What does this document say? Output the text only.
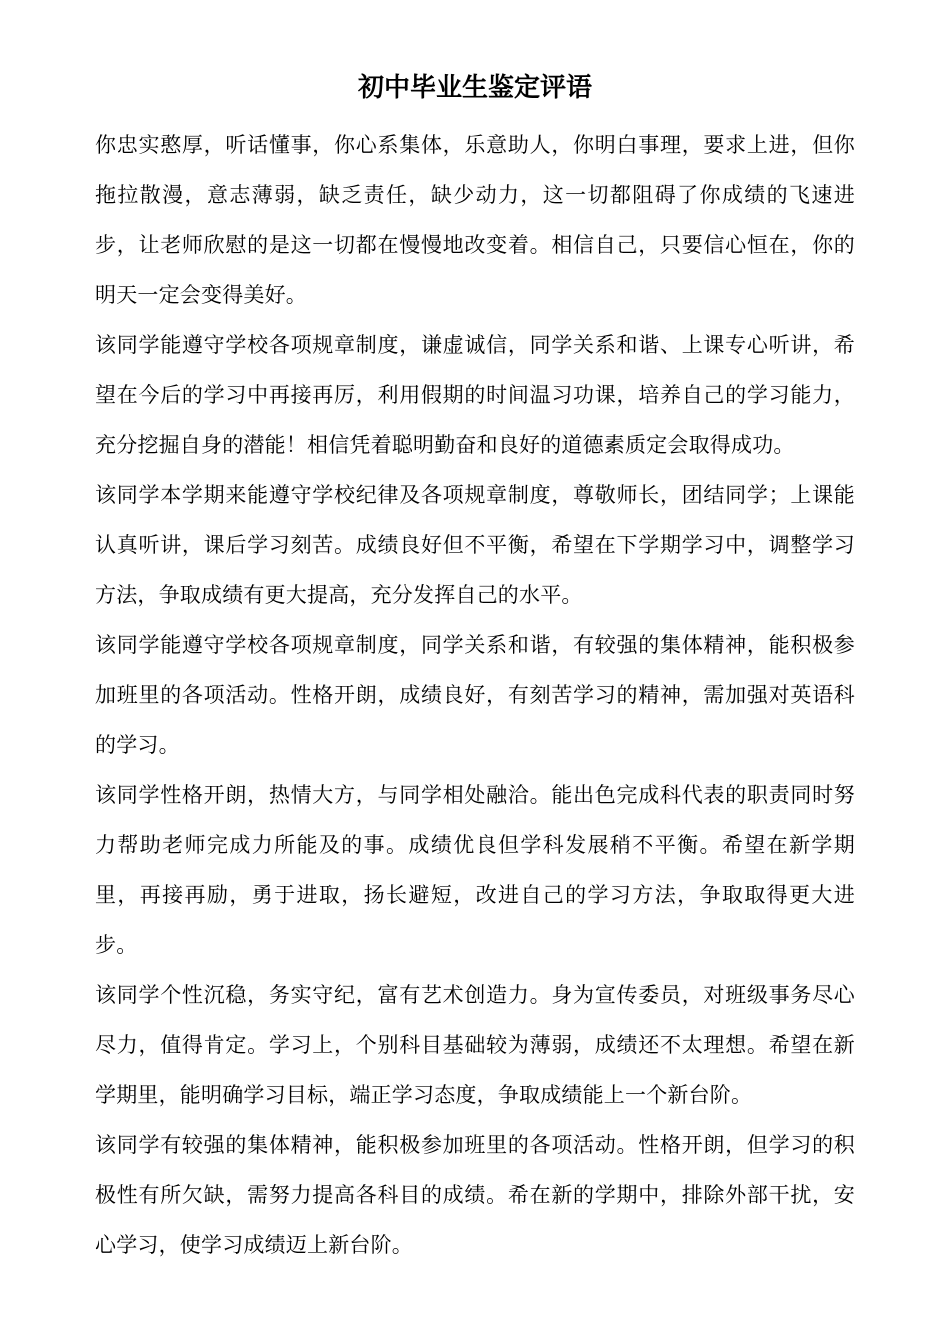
初中毕业生鉴定评语

你忠实憨厚，听话懂事，你心系集体，乐意助人，你明白事理，要求上进，但你拖拉散漫，意志薄弱，缺乏责任，缺少动力，这一切都阻碍了你成绩的飞速进步，让老师欣慰的是这一切都在慢慢地改变着。相信自己，只要信心恒在，你的明天一定会变得美好。

该同学能遵守学校各项规章制度，谦虚诚信，同学关系和谐、上课专心听讲，希望在今后的学习中再接再厉，利用假期的时间温习功课，培养自己的学习能力，充分挖掘自身的潜能！相信凭着聪明勤奋和良好的道德素质定会取得成功。

该同学本学期来能遵守学校纪律及各项规章制度，尊敬师长，团结同学；上课能认真听讲，课后学习刻苦。成绩良好但不平衡，希望在下学期学习中，调整学习方法，争取成绩有更大提高，充分发挥自己的水平。

该同学能遵守学校各项规章制度，同学关系和谐，有较强的集体精神，能积极参加班里的各项活动。性格开朗，成绩良好，有刻苦学习的精神，需加强对英语科的学习。

该同学性格开朗，热情大方，与同学相处融洽。能出色完成科代表的职责同时努力帮助老师完成力所能及的事。成绩优良但学科发展稍不平衡。希望在新学期里，再接再励，勇于进取，扬长避短，改进自己的学习方法，争取取得更大进步。

该同学个性沉稳，务实守纪，富有艺术创造力。身为宣传委员，对班级事务尽心尽力，值得肯定。学习上，个别科目基础较为薄弱，成绩还不太理想。希望在新学期里，能明确学习目标，端正学习态度，争取成绩能上一个新台阶。

该同学有较强的集体精神，能积极参加班里的各项活动。性格开朗，但学习的积极性有所欠缺，需努力提高各科目的成绩。希在新的学期中，排除外部干扰，安心学习，使学习成绩迈上新台阶。
